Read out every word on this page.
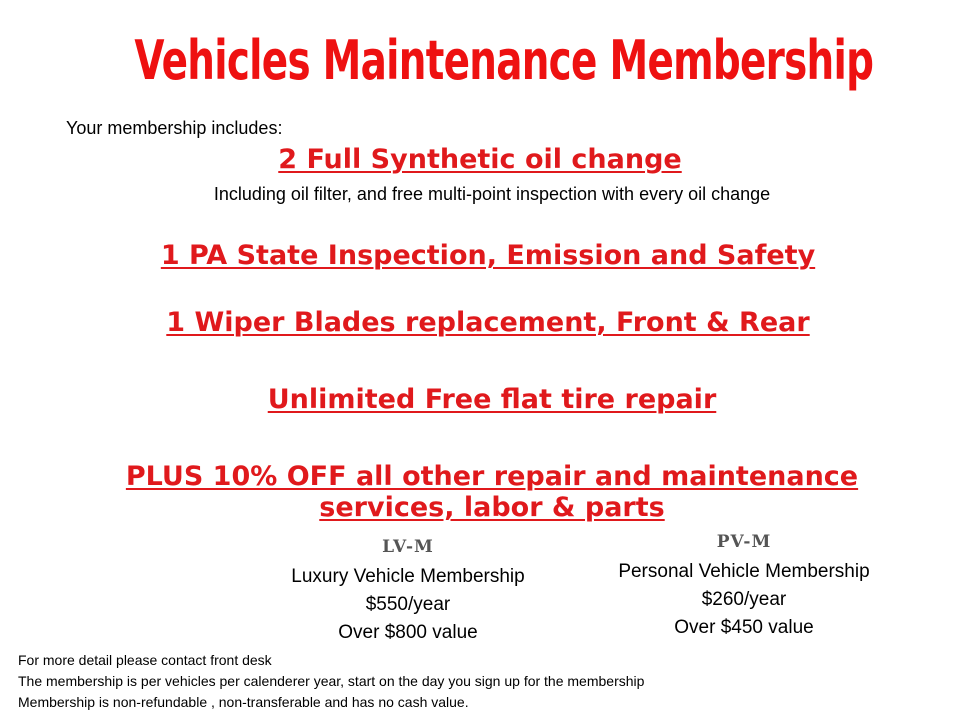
Vehicles Maintenance Membership
Your membership includes:
2 Full Synthetic oil change
Including oil filter, and free multi-point inspection with every oil change
1 PA State Inspection, Emission and Safety
1 Wiper Blades replacement, Front & Rear
Unlimited Free flat tire repair
PLUS 10% OFF all other repair and maintenance
services, labor & parts
LV-M
Luxury Vehicle Membership
$550/year
Over $800 value
PV-M
Personal Vehicle Membership
$260/year
Over $450 value
For more detail please contact front desk
The membership is per vehicles per calenderer year, start on the day you sign up for the membership
Membership is non-refundable , non-transferable and has no cash value.
